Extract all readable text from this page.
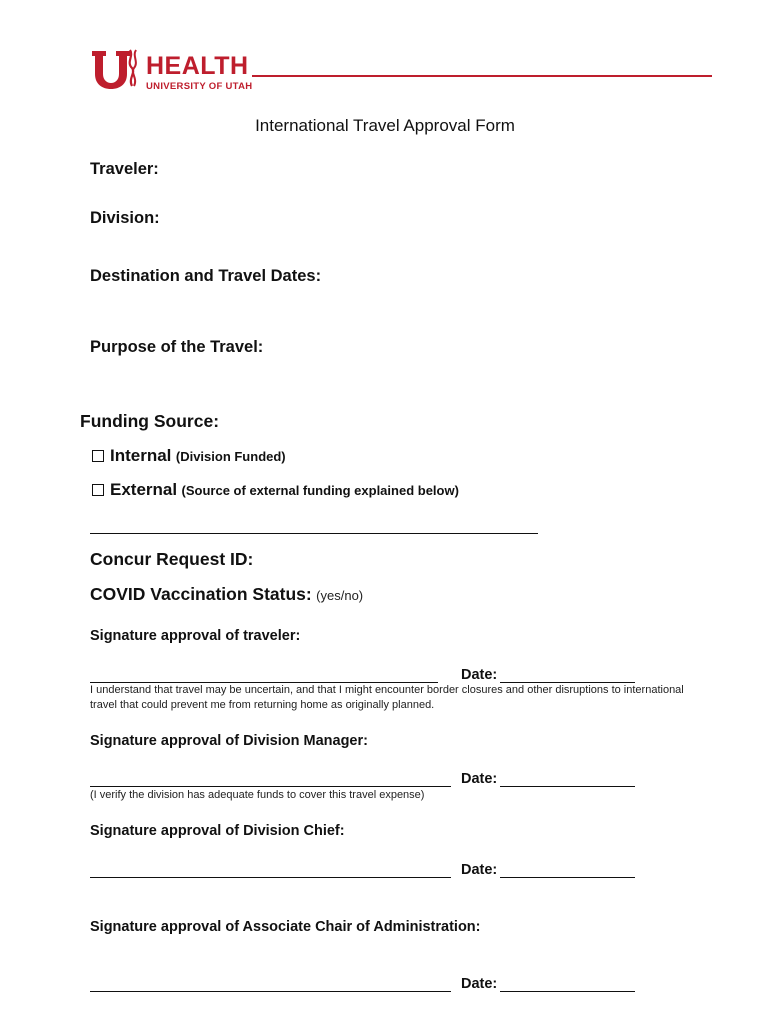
HEALTH
UNIVERSITY OF UTAH
International Travel Approval Form
Traveler:
Division:
Destination and Travel Dates:
Purpose of the Travel:
Funding Source:
Internal (Division Funded)
External (Source of external funding explained below)
Concur Request ID:
COVID Vaccination Status: (yes/no)
Signature approval of traveler:
Date:
I understand that travel may be uncertain, and that I might encounter border closures and other disruptions to international travel that could prevent me from returning home as originally planned.
Signature approval of Division Manager:
Date:
(I verify the division has adequate funds to cover this travel expense)
Signature approval of Division Chief:
Date:
Signature approval of Associate Chair of Administration:
Date:
